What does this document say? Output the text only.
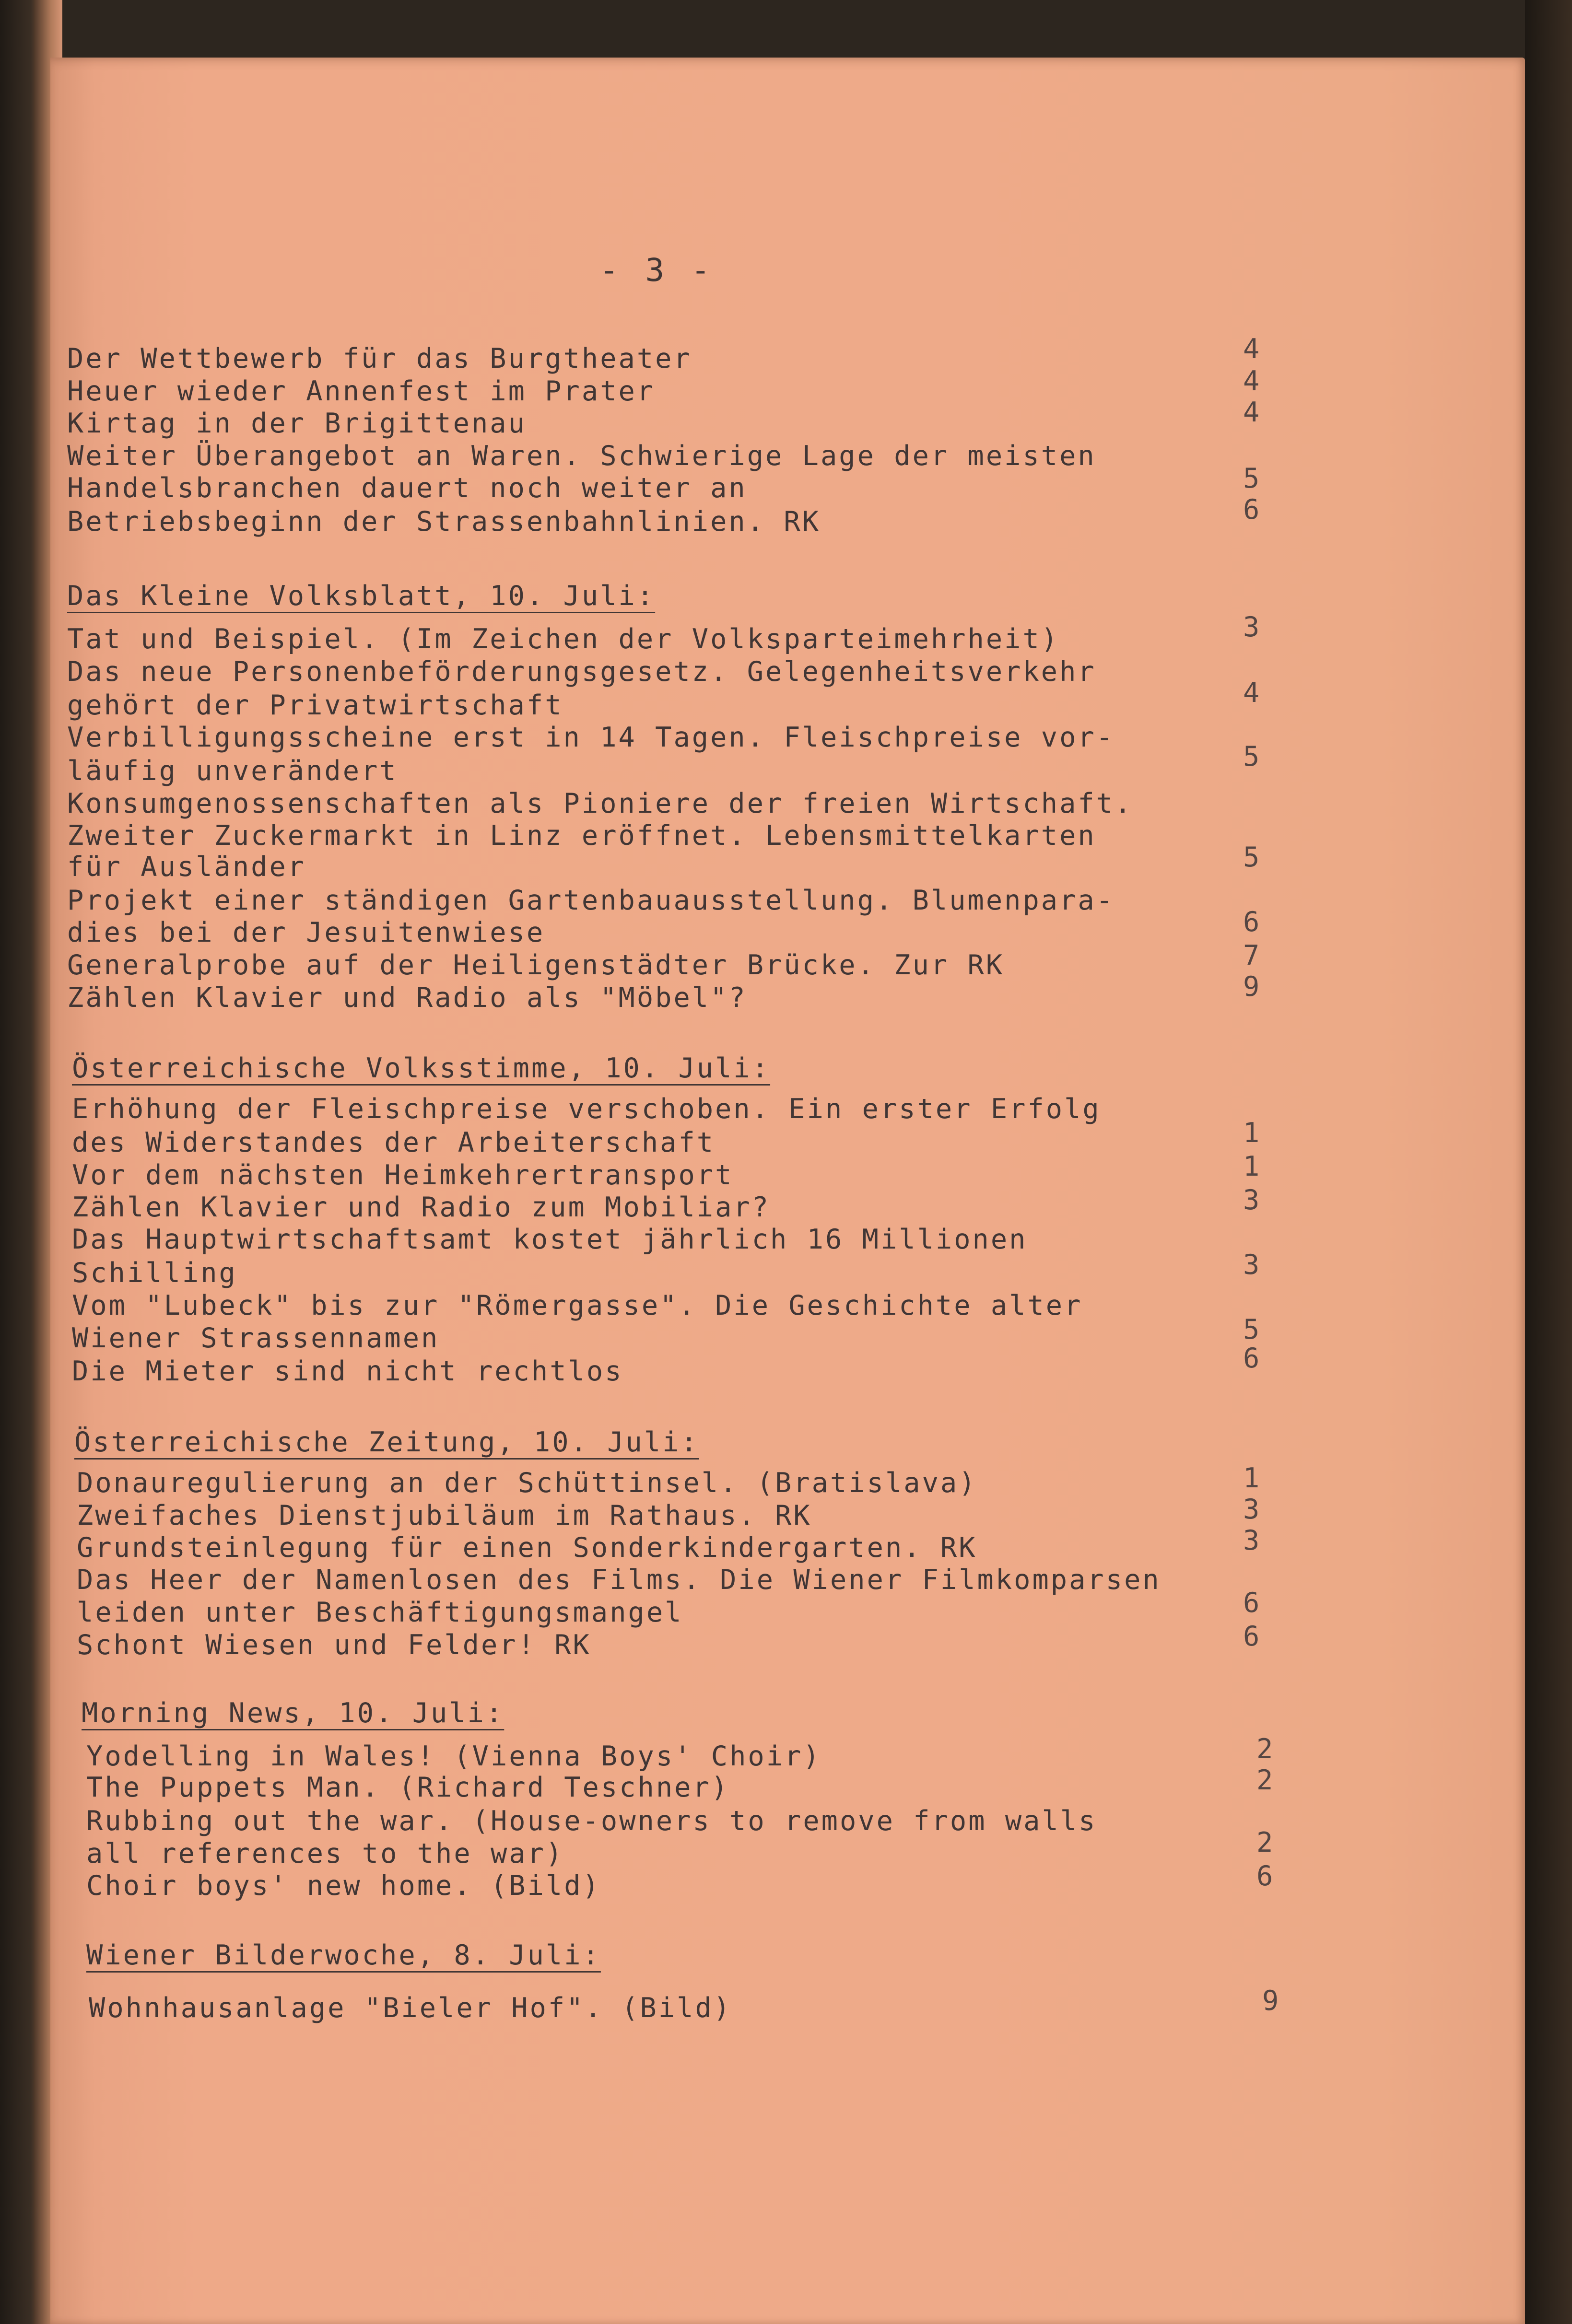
- 3 -
Der Wettbewerb für das Burgtheater	4
Heuer wieder Annenfest im Prater	4
Kirtag in der Brigittenau	4
Weiter Überangebot an Waren. Schwierige Lage der meisten
Handelsbranchen dauert noch weiter an	5
Betriebsbeginn der Strassenbahnlinien. RK	6
Das Kleine Volksblatt, 10. Juli:
Tat und Beispiel. (Im Zeichen der Volksparteimehrheit)	3
Das neue Personenbeförderungsgesetz. Gelegenheitsverkehr
gehört der Privatwirtschaft	4
Verbilligungsscheine erst in 14 Tagen. Fleischpreise vor-
läufig unverändert	5
Konsumgenossenschaften als Pioniere der freien Wirtschaft.
Zweiter Zuckermarkt in Linz eröffnet. Lebensmittelkarten
für Ausländer	5
Projekt einer ständigen Gartenbauausstellung. Blumenpara-
dies bei der Jesuitenwiese	6
Generalprobe auf der Heiligenstädter Brücke. Zur RK	7
Zählen Klavier und Radio als "Möbel"?	9
Österreichische Volksstimme, 10. Juli:
Erhöhung der Fleischpreise verschoben. Ein erster Erfolg
des Widerstandes der Arbeiterschaft	1
Vor dem nächsten Heimkehrertransport	1
Zählen Klavier und Radio zum Mobiliar?	3
Das Hauptwirtschaftsamt kostet jährlich 16 Millionen
Schilling	3
Vom "Lubeck" bis zur "Römergasse". Die Geschichte alter
Wiener Strassennamen	5
Die Mieter sind nicht rechtlos	6
Österreichische Zeitung, 10. Juli:
Donauregulierung an der Schüttinsel. (Bratislava)	1
Zweifaches Dienstjubiläum im Rathaus. RK	3
Grundsteinlegung für einen Sonderkindergarten. RK	3
Das Heer der Namenlosen des Films. Die Wiener Filmkomparsen
leiden unter Beschäftigungsmangel	6
Schont Wiesen und Felder! RK	6
Morning News, 10. Juli:
Yodelling in Wales! (Vienna Boys' Choir)	2
The Puppets Man. (Richard Teschner)	2
Rubbing out the war. (House-owners to remove from walls
all references to the war)	2
Choir boys' new home. (Bild)	6
Wiener Bilderwoche, 8. Juli:
Wohnhausanlage "Bieler Hof". (Bild)	9
